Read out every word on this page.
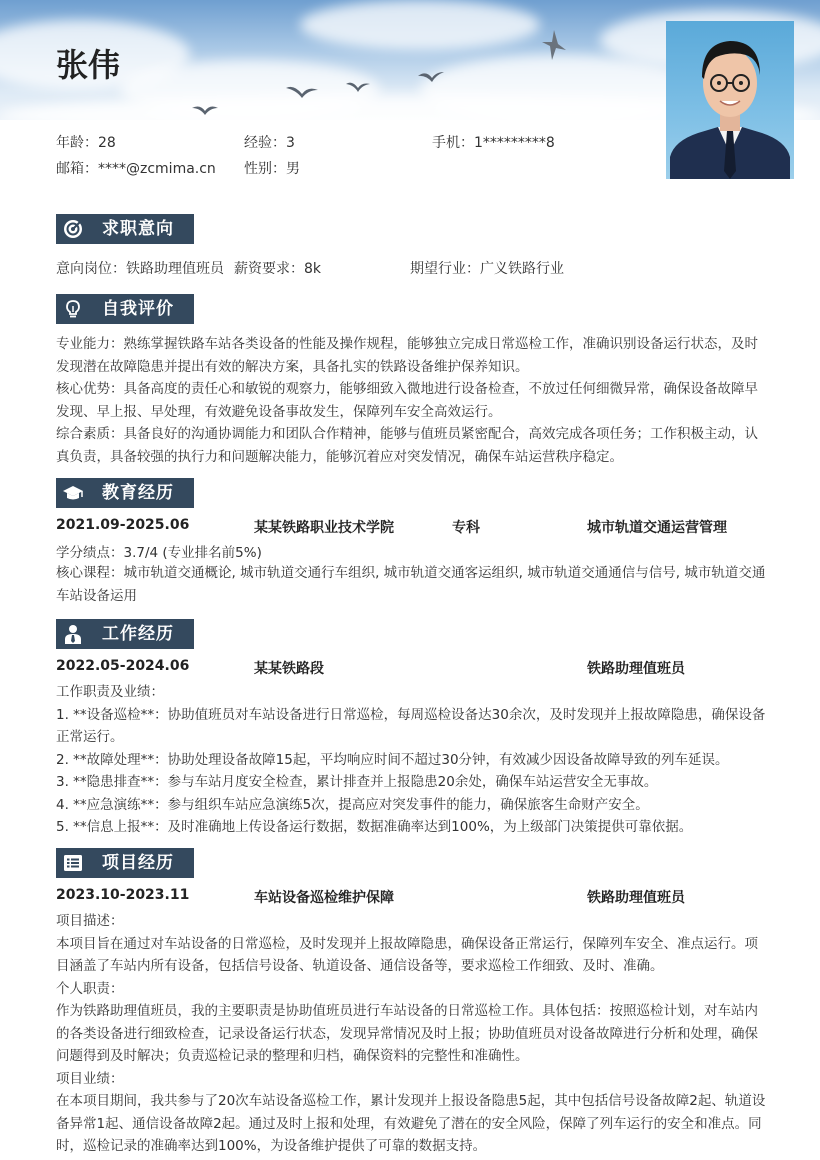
张伟
年龄：28	经验：3	手机：1*********8
邮箱：****@zcmima.cn 性别：男
求职意向
意向岗位：铁路助理值班员 薪资要求：8k	期望行业：广义铁路行业
自我评价

专业能力：熟练掌握铁路车站各类设备的性能及操作规程，能够独立完成日常巡检工作，准确识别设备运行状态，及时发现潜在故障隐患并提出有效的解决方案，具备扎实的铁路设备维护保养知识。

核心优势：具备高度的责任心和敏锐的观察力，能够细致入微地进行设备检查，不放过任何细微异常，确保设备故障早发现、早上报、早处理，有效避免设备事故发生，保障列车安全高效运行。

综合素质：具备良好的沟通协调能力和团队合作精神，能够与值班员紧密配合，高效完成各项任务；工作积极主动，认真负责，具备较强的执行力和问题解决能力，能够沉着应对突发情况，确保车站运营秩序稳定。

教育经历
2021.09-2025.06	某某铁路职业技术学院	专科	城市轨道交通运营管理
学分绩点：3.7/4 (专业排名前5%)
核心课程：城市轨道交通概论, 城市轨道交通行车组织, 城市轨道交通客运组织, 城市轨道交通通信与信号, 城市轨道交通车站设备运用
工作经历
2022.05-2024.06	某某铁路段	铁路助理值班员

工作职责及业绩：

1. **设备巡检**：协助值班员对车站设备进行日常巡检，每周巡检设备达30余次，及时发现并上报故障隐患，确保设备正常运行。

2. **故障处理**：协助处理设备故障15起，平均响应时间不超过30分钟，有效减少因设备故障导致的列车延误。

3. **隐患排查**：参与车站月度安全检查，累计排查并上报隐患20余处，确保车站运营安全无事故。

4. **应急演练**：参与组织车站应急演练5次，提高应对突发事件的能力，确保旅客生命财产安全。

5. **信息上报**：及时准确地上传设备运行数据，数据准确率达到100%，为上级部门决策提供可靠依据。

项目经历
2023.10-2023.11	车站设备巡检维护保障	铁路助理值班员

项目描述：

本项目旨在通过对车站设备的日常巡检，及时发现并上报故障隐患，确保设备正常运行，保障列车安全、准点运行。项目涵盖了车站内所有设备，包括信号设备、轨道设备、通信设备等，要求巡检工作细致、及时、准确。

个人职责：

作为铁路助理值班员，我的主要职责是协助值班员进行车站设备的日常巡检工作。具体包括：按照巡检计划，对车站内的各类设备进行细致检查，记录设备运行状态，发现异常情况及时上报；协助值班员对设备故障进行分析和处理，确保问题得到及时解决；负责巡检记录的整理和归档，确保资料的完整性和准确性。

项目业绩：

在本项目期间，我共参与了20次车站设备巡检工作，累计发现并上报设备隐患5起，其中包括信号设备故障2起、轨道设备异常1起、通信设备故障2起。通过及时上报和处理，有效避免了潜在的安全风险，保障了列车运行的安全和准点。同时，巡检记录的准确率达到100%，为设备维护提供了可靠的数据支持。
